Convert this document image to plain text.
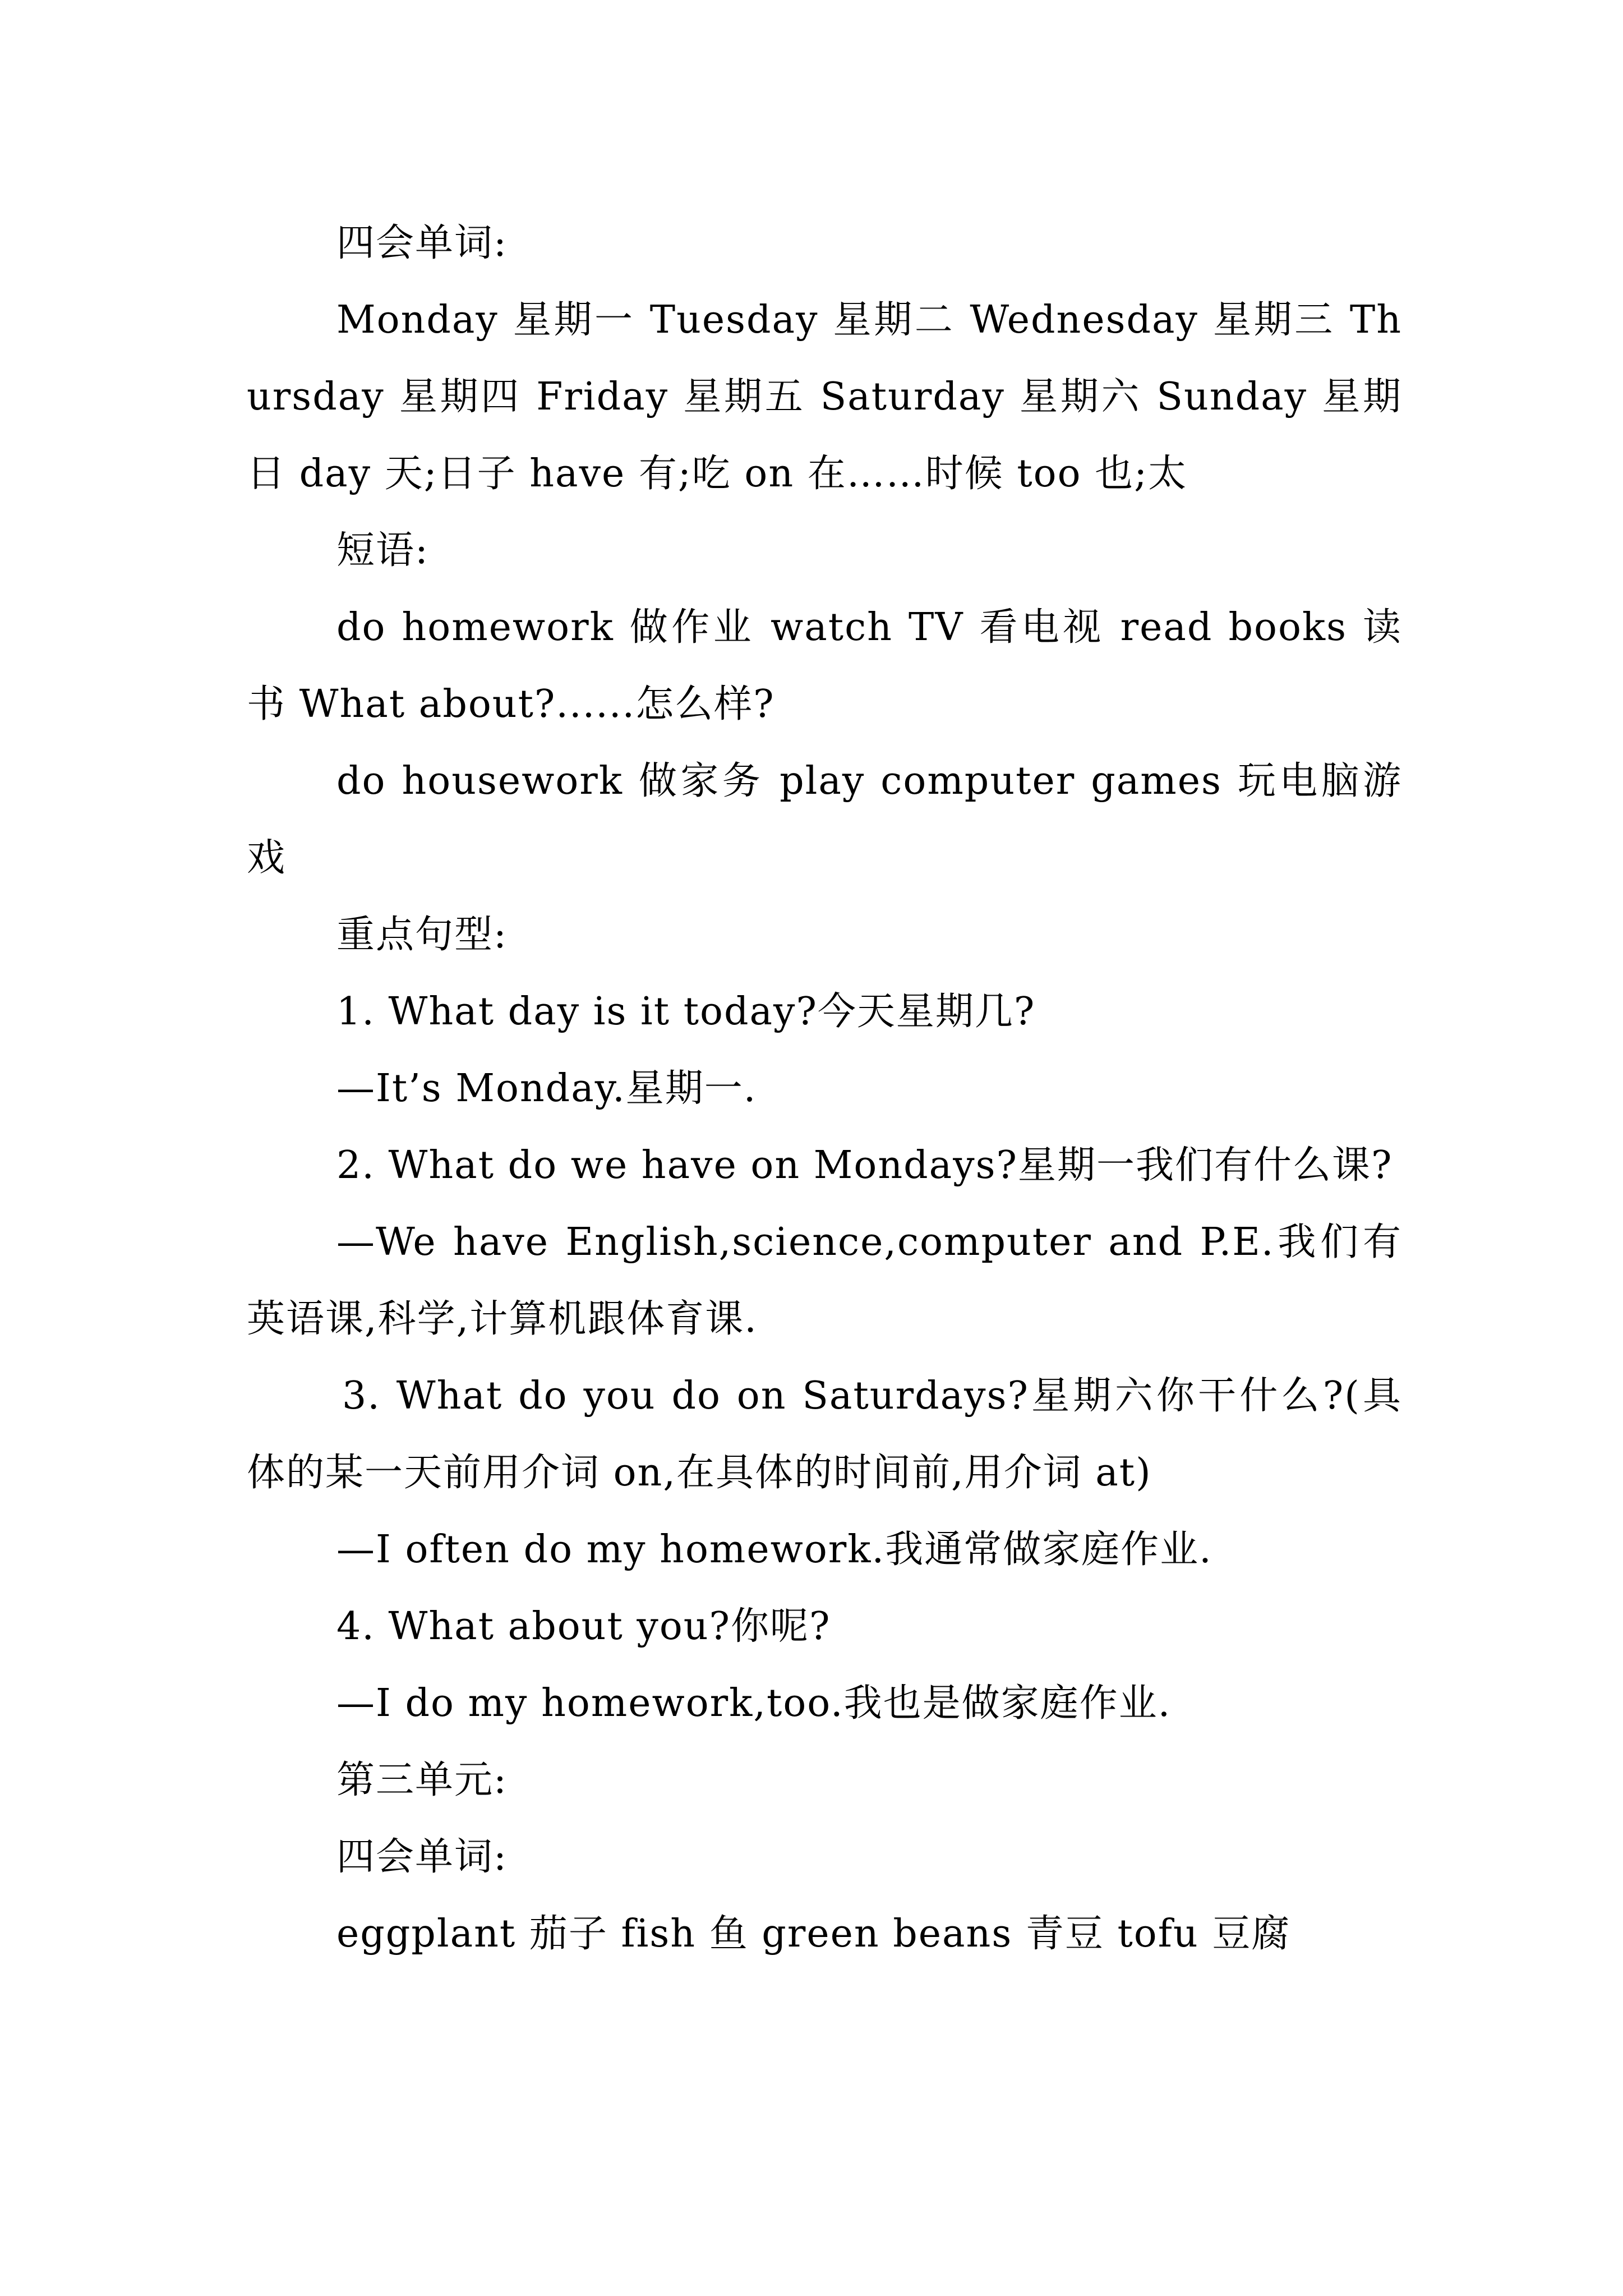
四会单词:

Monday 星期一 Tuesday 星期二 Wednesday 星期三 Thursday 星期四 Friday 星期五 Saturday 星期六 Sunday 星期日 day 天;日子 have 有;吃 on 在……时候 too 也;太

短语:

do homework 做作业 watch TV 看电视 read books 读书 What about?......怎么样?

do housework 做家务 play computer games 玩电脑游戏

重点句型:

1. What day is it today?今天星期几?

—It’s Monday.星期一.

2. What do we have on Mondays?星期一我们有什么课?

—We have English,science,computer and P.E.我们有英语课,科学,计算机跟体育课.

3. What do you do on Saturdays?星期六你干什么?(具体的某一天前用介词 on,在具体的时间前,用介词 at)

—I often do my homework.我通常做家庭作业.

4. What about you?你呢?

—I do my homework,too.我也是做家庭作业.

第三单元:

四会单词:

eggplant 茄子 fish 鱼 green beans 青豆 tofu 豆腐
